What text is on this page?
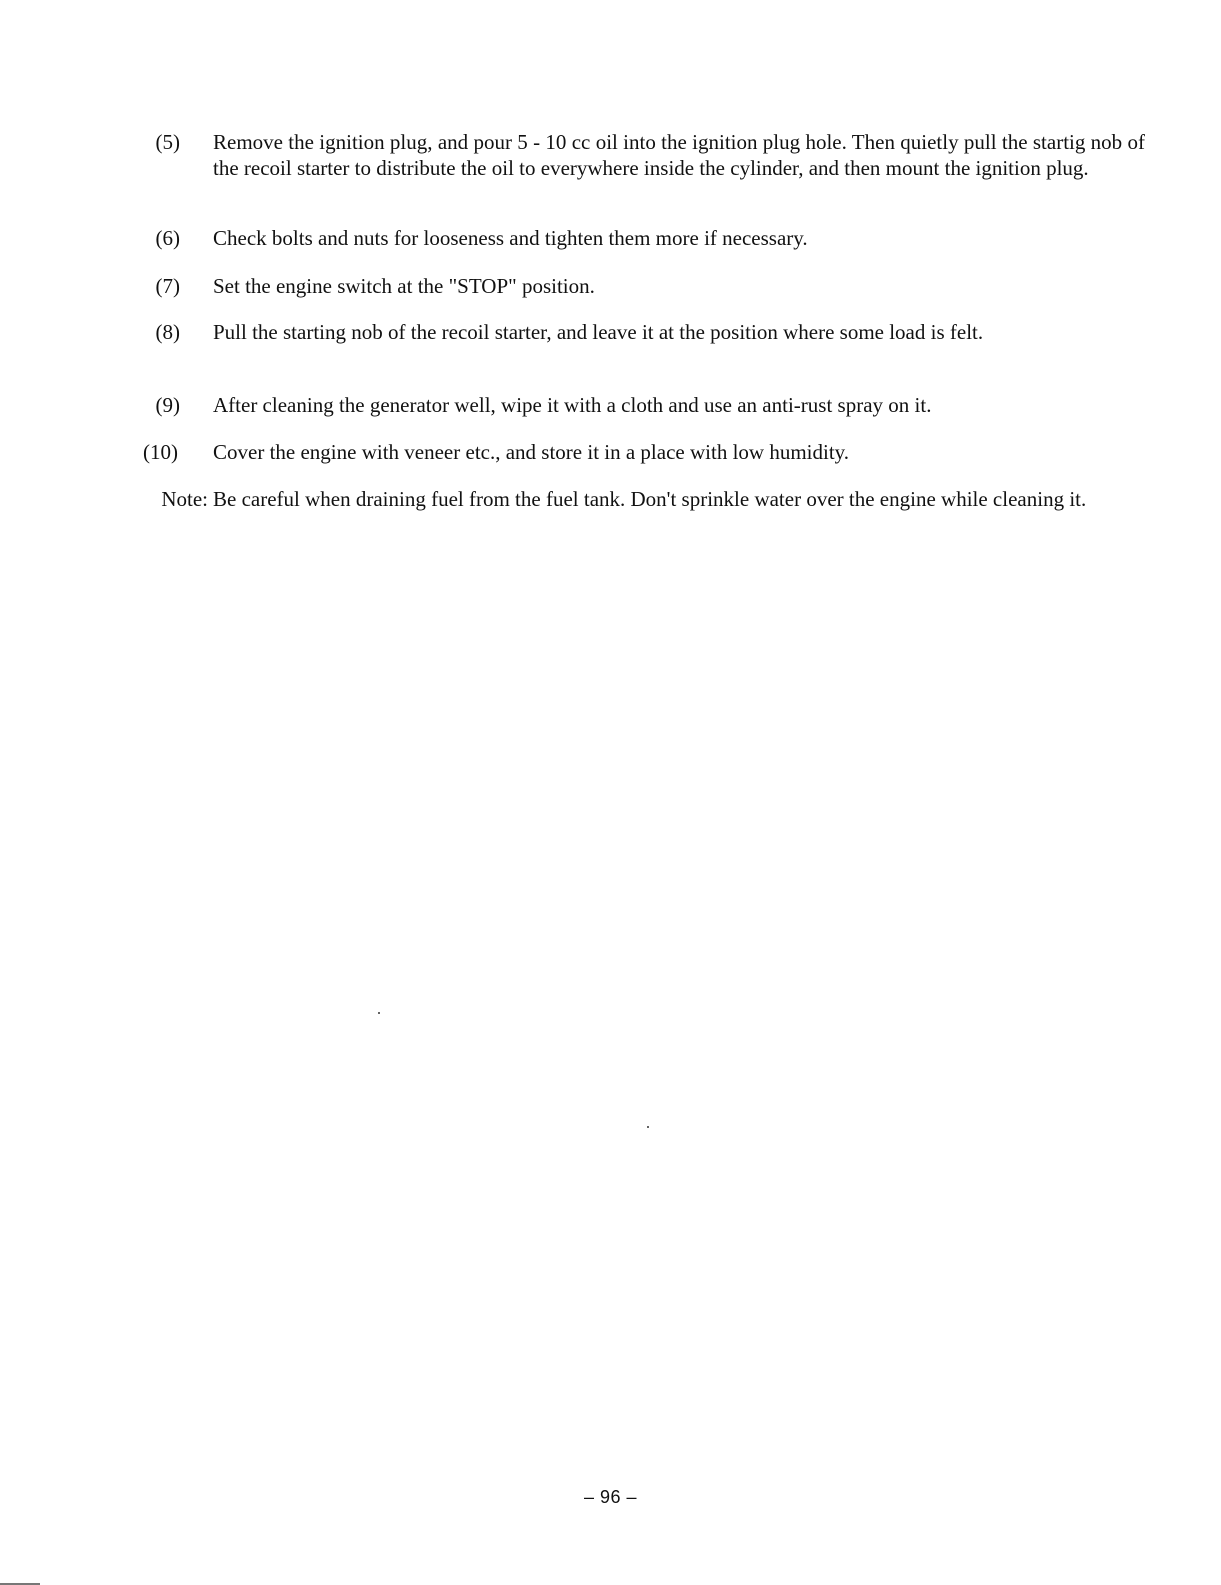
(5) Remove the ignition plug, and pour 5 - 10 cc oil into the ignition plug hole. Then quietly pull the startig nob of the recoil starter to distribute the oil to everywhere inside the cylinder, and then mount the ignition plug.
(6) Check bolts and nuts for looseness and tighten them more if necessary.
(7) Set the engine switch at the "STOP" position.
(8) Pull the starting nob of the recoil starter, and leave it at the position where some load is felt.
(9) After cleaning the generator well, wipe it with a cloth and use an anti-rust spray on it.
(10) Cover the engine with veneer etc., and store it in a place with low humidity.
Note: Be careful when draining fuel from the fuel tank. Don't sprinkle water over the engine while cleaning it.
– 96 –
